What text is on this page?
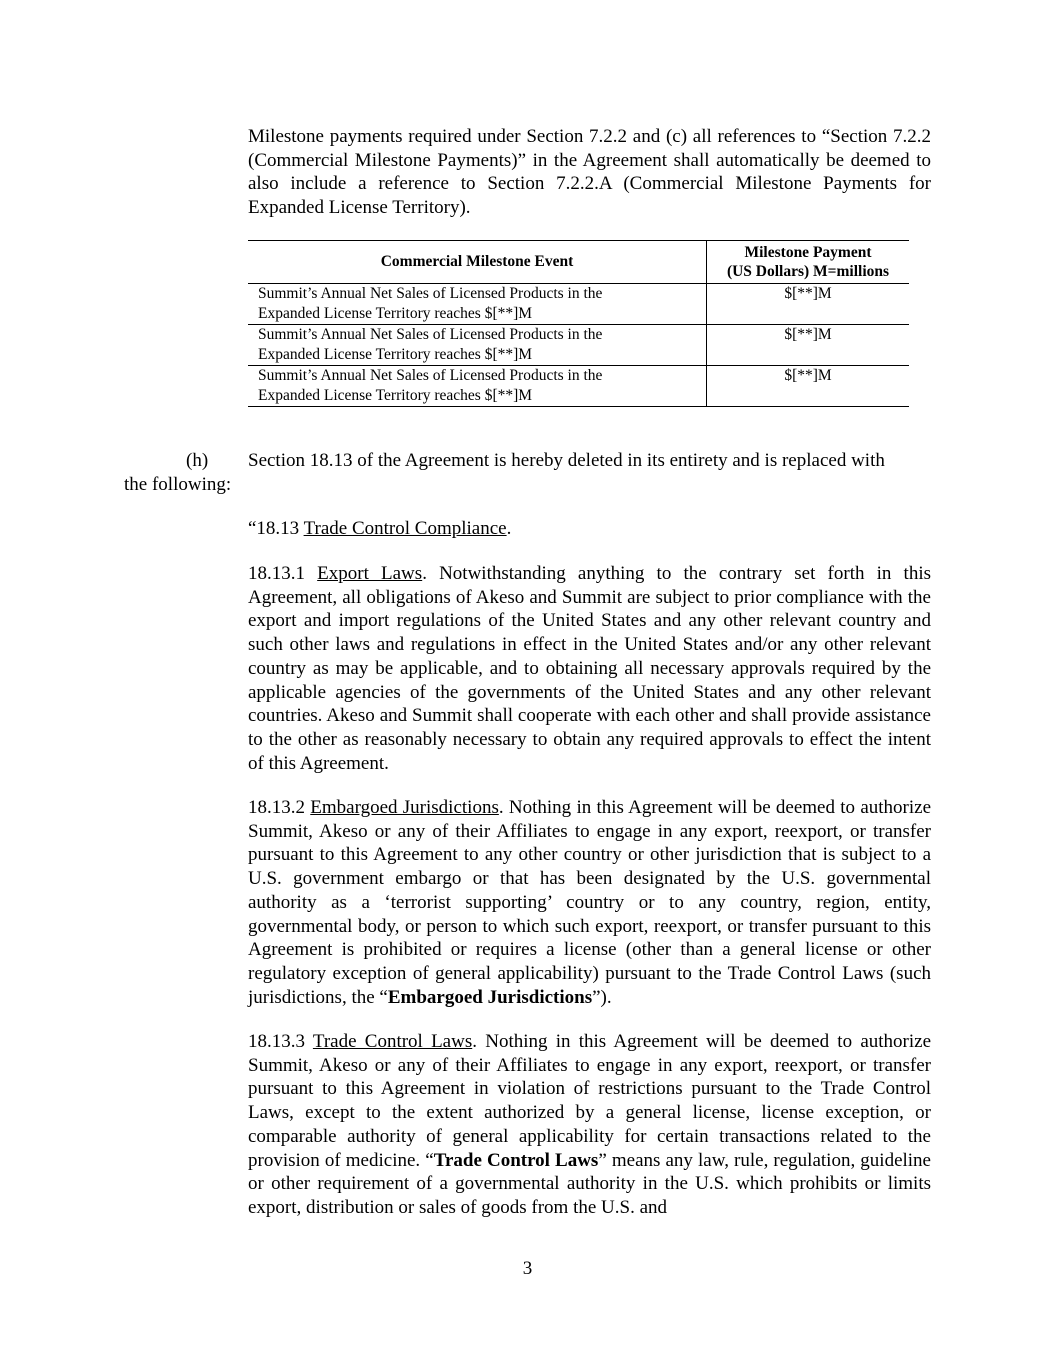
Milestone payments required under Section 7.2.2 and (c) all references to “Section 7.2.2 (Commercial Milestone Payments)” in the Agreement shall automatically be deemed to also include a reference to Section 7.2.2.A (Commercial Milestone Payments for Expanded License Territory).

Commercial Milestone Event	Milestone Payment
(US Dollars) M=millions
Summit’s Annual Net Sales of Licensed Products in the
Expanded License Territory reaches $[**]M	$[**]M
Summit’s Annual Net Sales of Licensed Products in the
Expanded License Territory reaches $[**]M	$[**]M
Summit’s Annual Net Sales of Licensed Products in the
Expanded License Territory reaches $[**]M	$[**]M
(h) Section 18.13 of the Agreement is hereby deleted in its entirety and is replaced with
the following:

“18.13 Trade Control Compliance.

18.13.1 Export Laws. Notwithstanding anything to the contrary set forth in this Agreement, all obligations of Akeso and Summit are subject to prior compliance with the export and import regulations of the United States and any other relevant country and such other laws and regulations in effect in the United States and/or any other relevant country as may be applicable, and to obtaining all necessary approvals required by the applicable agencies of the governments of the United States and any other relevant countries. Akeso and Summit shall cooperate with each other and shall provide assistance to the other as reasonably necessary to obtain any required approvals to effect the intent of this Agreement.

18.13.2 Embargoed Jurisdictions. Nothing in this Agreement will be deemed to authorize Summit, Akeso or any of their Affiliates to engage in any export, reexport, or transfer pursuant to this Agreement to any other country or other jurisdiction that is subject to a U.S. government embargo or that has been designated by the U.S. governmental authority as a ‘terrorist supporting’ country or to any country, region, entity, governmental body, or person to which such export, reexport, or transfer pursuant to this Agreement is prohibited or requires a license (other than a general license or other regulatory exception of general applicability) pursuant to the Trade Control Laws (such jurisdictions, the “Embargoed Jurisdictions”).

18.13.3 Trade Control Laws. Nothing in this Agreement will be deemed to authorize Summit, Akeso or any of their Affiliates to engage in any export, reexport, or transfer pursuant to this Agreement in violation of restrictions pursuant to the Trade Control Laws, except to the extent authorized by a general license, license exception, or comparable authority of general applicability for certain transactions related to the provision of medicine. “Trade Control Laws” means any law, rule, regulation, guideline or other requirement of a governmental authority in the U.S. which prohibits or limits export, distribution or sales of goods from the U.S. and

3
